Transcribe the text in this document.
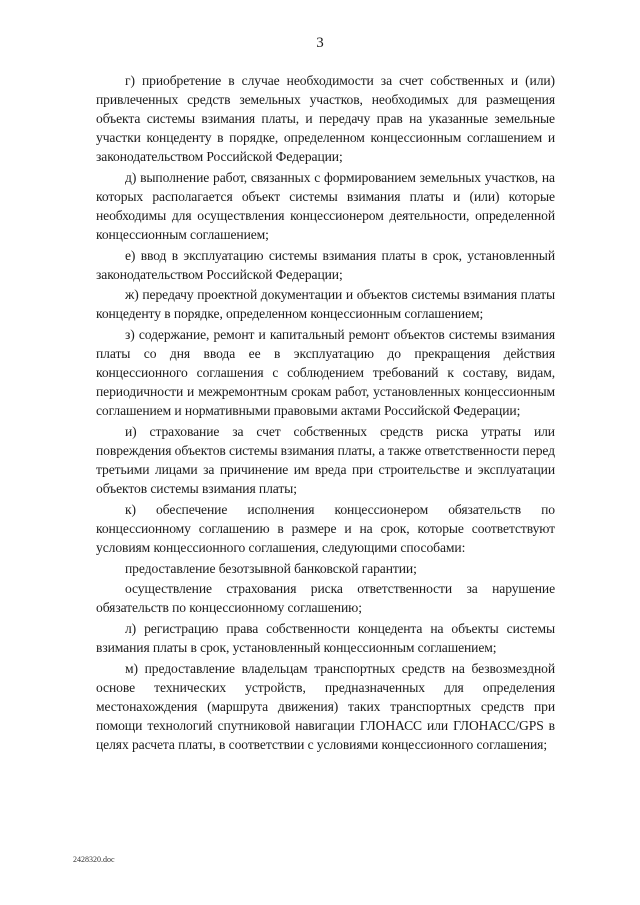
3

г) приобретение в случае необходимости за счет собственных и (или) привлеченных средств земельных участков, необходимых для размещения объекта системы взимания платы, и передачу прав на указанные земельные участки концеденту в порядке, определенном концессионным соглашением и законодательством Российской Федерации;

д) выполнение работ, связанных с формированием земельных участков, на которых располагается объект системы взимания платы и (или) которые необходимы для осуществления концессионером деятельности, определенной концессионным соглашением;

е) ввод в эксплуатацию системы взимания платы в срок, установленный законодательством Российской Федерации;

ж) передачу проектной документации и объектов системы взимания платы концеденту в порядке, определенном концессионным соглашением;

з) содержание, ремонт и капитальный ремонт объектов системы взимания платы со дня ввода ее в эксплуатацию до прекращения действия концессионного соглашения с соблюдением требований к составу, видам, периодичности и межремонтным срокам работ, установленных концессионным соглашением и нормативными правовыми актами Российской Федерации;

и) страхование за счет собственных средств риска утраты или повреждения объектов системы взимания платы, а также ответственности перед третьими лицами за причинение им вреда при строительстве и эксплуатации объектов системы взимания платы;

к) обеспечение исполнения концессионером обязательств по концессионному соглашению в размере и на срок, которые соответствуют условиям концессионного соглашения, следующими способами:

предоставление безотзывной банковской гарантии;

осуществление страхования риска ответственности за нарушение обязательств по концессионному соглашению;

л) регистрацию права собственности концедента на объекты системы взимания платы в срок, установленный концессионным соглашением;

м) предоставление владельцам транспортных средств на безвозмездной основе технических устройств, предназначенных для определения местонахождения (маршрута движения) таких транспортных средств при помощи технологий спутниковой навигации ГЛОНАСС или ГЛОНАСС/GPS в целях расчета платы, в соответствии с условиями концессионного соглашения;

2428320.doc
